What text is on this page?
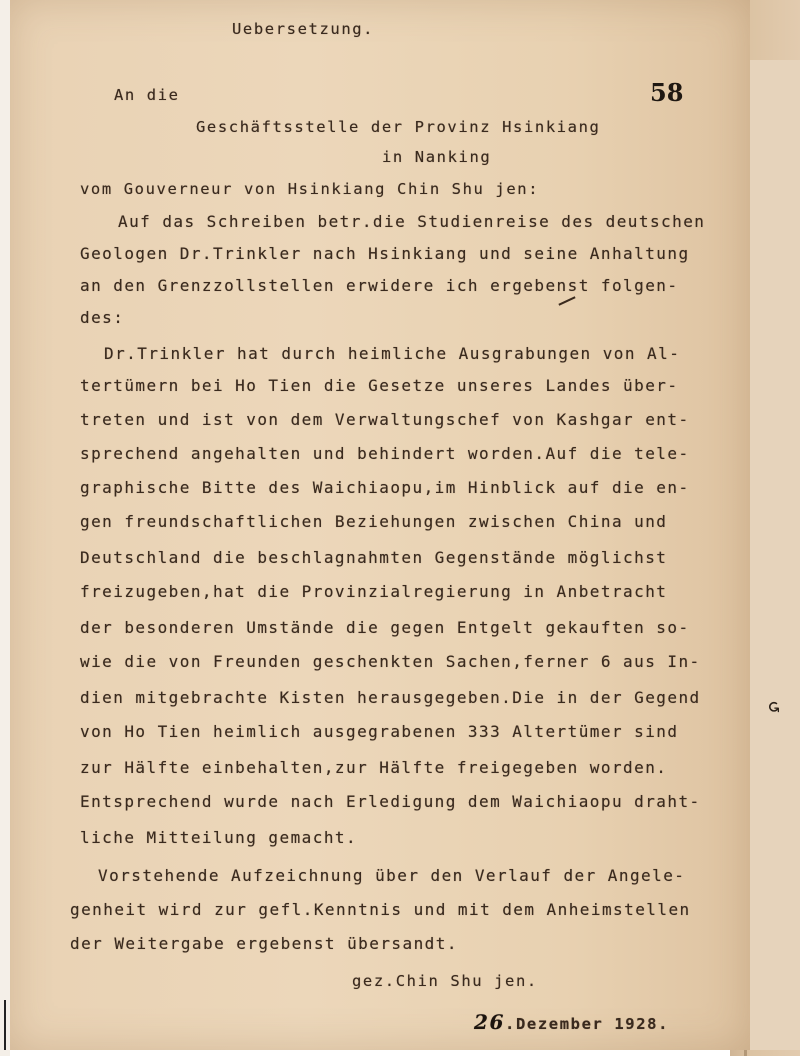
↺
Uebersetzung.
58
An die
Geschäftsstelle der Provinz Hsinkiang
in Nanking
vom Gouverneur von Hsinkiang Chin Shu jen:
Auf das Schreiben betr.die Studienreise des deutschen
Geologen Dr.Trinkler nach Hsinkiang und seine Anhaltung
an den Grenzzollstellen erwidere ich ergebenst folgen-
des:
Dr.Trinkler hat durch heimliche Ausgrabungen von Al-
tertümern bei Ho Tien die Gesetze unseres Landes über-
treten und ist von dem Verwaltungschef von Kashgar ent-
sprechend angehalten und behindert worden.Auf die tele-
graphische Bitte des Waichiaopu,im Hinblick auf die en-
gen freundschaftlichen Beziehungen zwischen China und
Deutschland die beschlagnahmten Gegenstände möglichst
freizugeben,hat die Provinzialregierung in Anbetracht
der besonderen Umstände die gegen Entgelt gekauften so-
wie die von Freunden geschenkten Sachen,ferner 6 aus In-
dien mitgebrachte Kisten herausgegeben.Die in der Gegend
von Ho Tien heimlich ausgegrabenen 333 Altertümer sind
zur Hälfte einbehalten,zur Hälfte freigegeben worden.
Entsprechend wurde nach Erledigung dem Waichiaopu draht-
liche Mitteilung gemacht.
Vorstehende Aufzeichnung über den Verlauf der Angele-
genheit wird zur gefl.Kenntnis und mit dem Anheimstellen
der Weitergabe ergebenst übersandt.
gez.Chin Shu jen.
26.Dezember 1928.
